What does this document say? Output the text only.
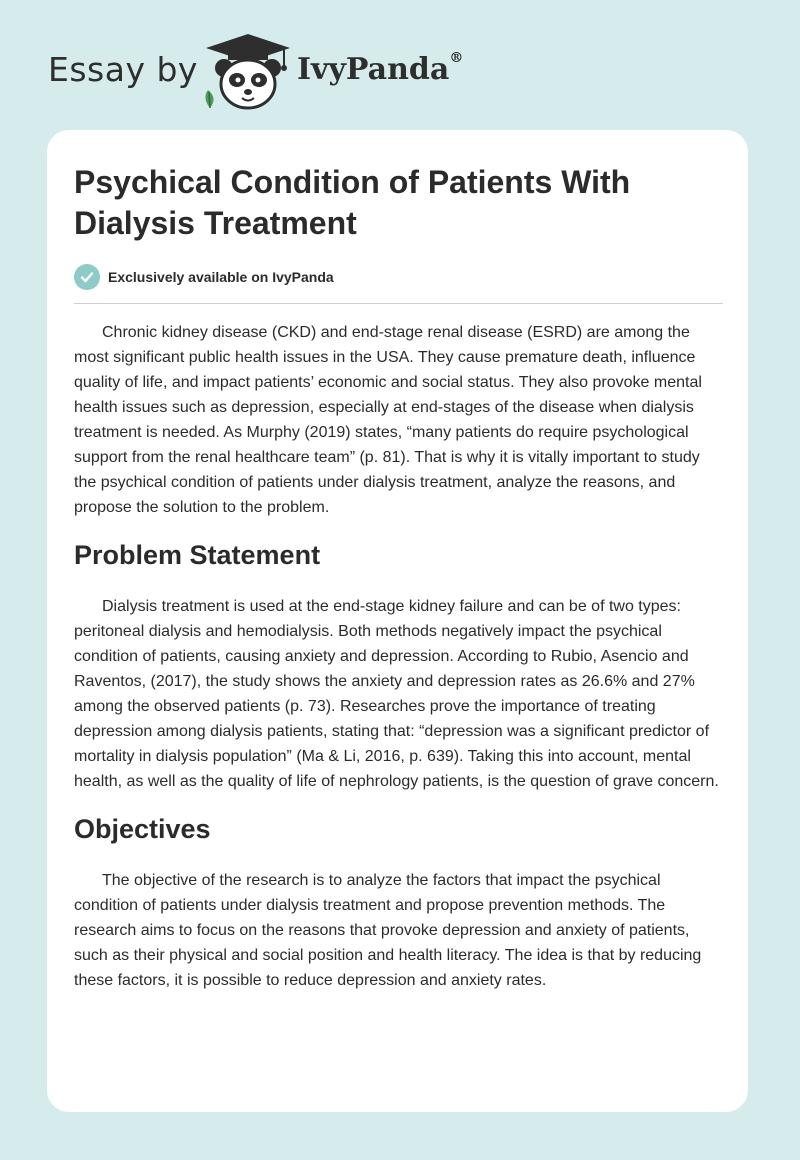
Essay by	IvyPanda®
Psychical Condition of Patients With Dialysis Treatment
Exclusively available on IvyPanda

Chronic kidney disease (CKD) and end-stage renal disease (ESRD) are among the most significant public health issues in the USA. They cause premature death, influence quality of life, and impact patients’ economic and social status. They also provoke mental health issues such as depression, especially at end-stages of the disease when dialysis treatment is needed. As Murphy (2019) states, “many patients do require psychological support from the renal healthcare team” (p. 81). That is why it is vitally important to study the psychical condition of patients under dialysis treatment, analyze the reasons, and propose the solution to the problem.

Problem Statement

Dialysis treatment is used at the end-stage kidney failure and can be of two types: peritoneal dialysis and hemodialysis. Both methods negatively impact the psychical condition of patients, causing anxiety and depression. According to Rubio, Asencio and Raventos, (2017), the study shows the anxiety and depression rates as 26.6% and 27% among the observed patients (p. 73). Researches prove the importance of treating depression among dialysis patients, stating that: “depression was a significant predictor of mortality in dialysis population” (Ma & Li, 2016, p. 639). Taking this into account, mental health, as well as the quality of life of nephrology patients, is the question of grave concern.

Objectives

The objective of the research is to analyze the factors that impact the psychical condition of patients under dialysis treatment and propose prevention methods. The research aims to focus on the reasons that provoke depression and anxiety of patients, such as their physical and social position and health literacy. The idea is that by reducing these factors, it is possible to reduce depression and anxiety rates.
